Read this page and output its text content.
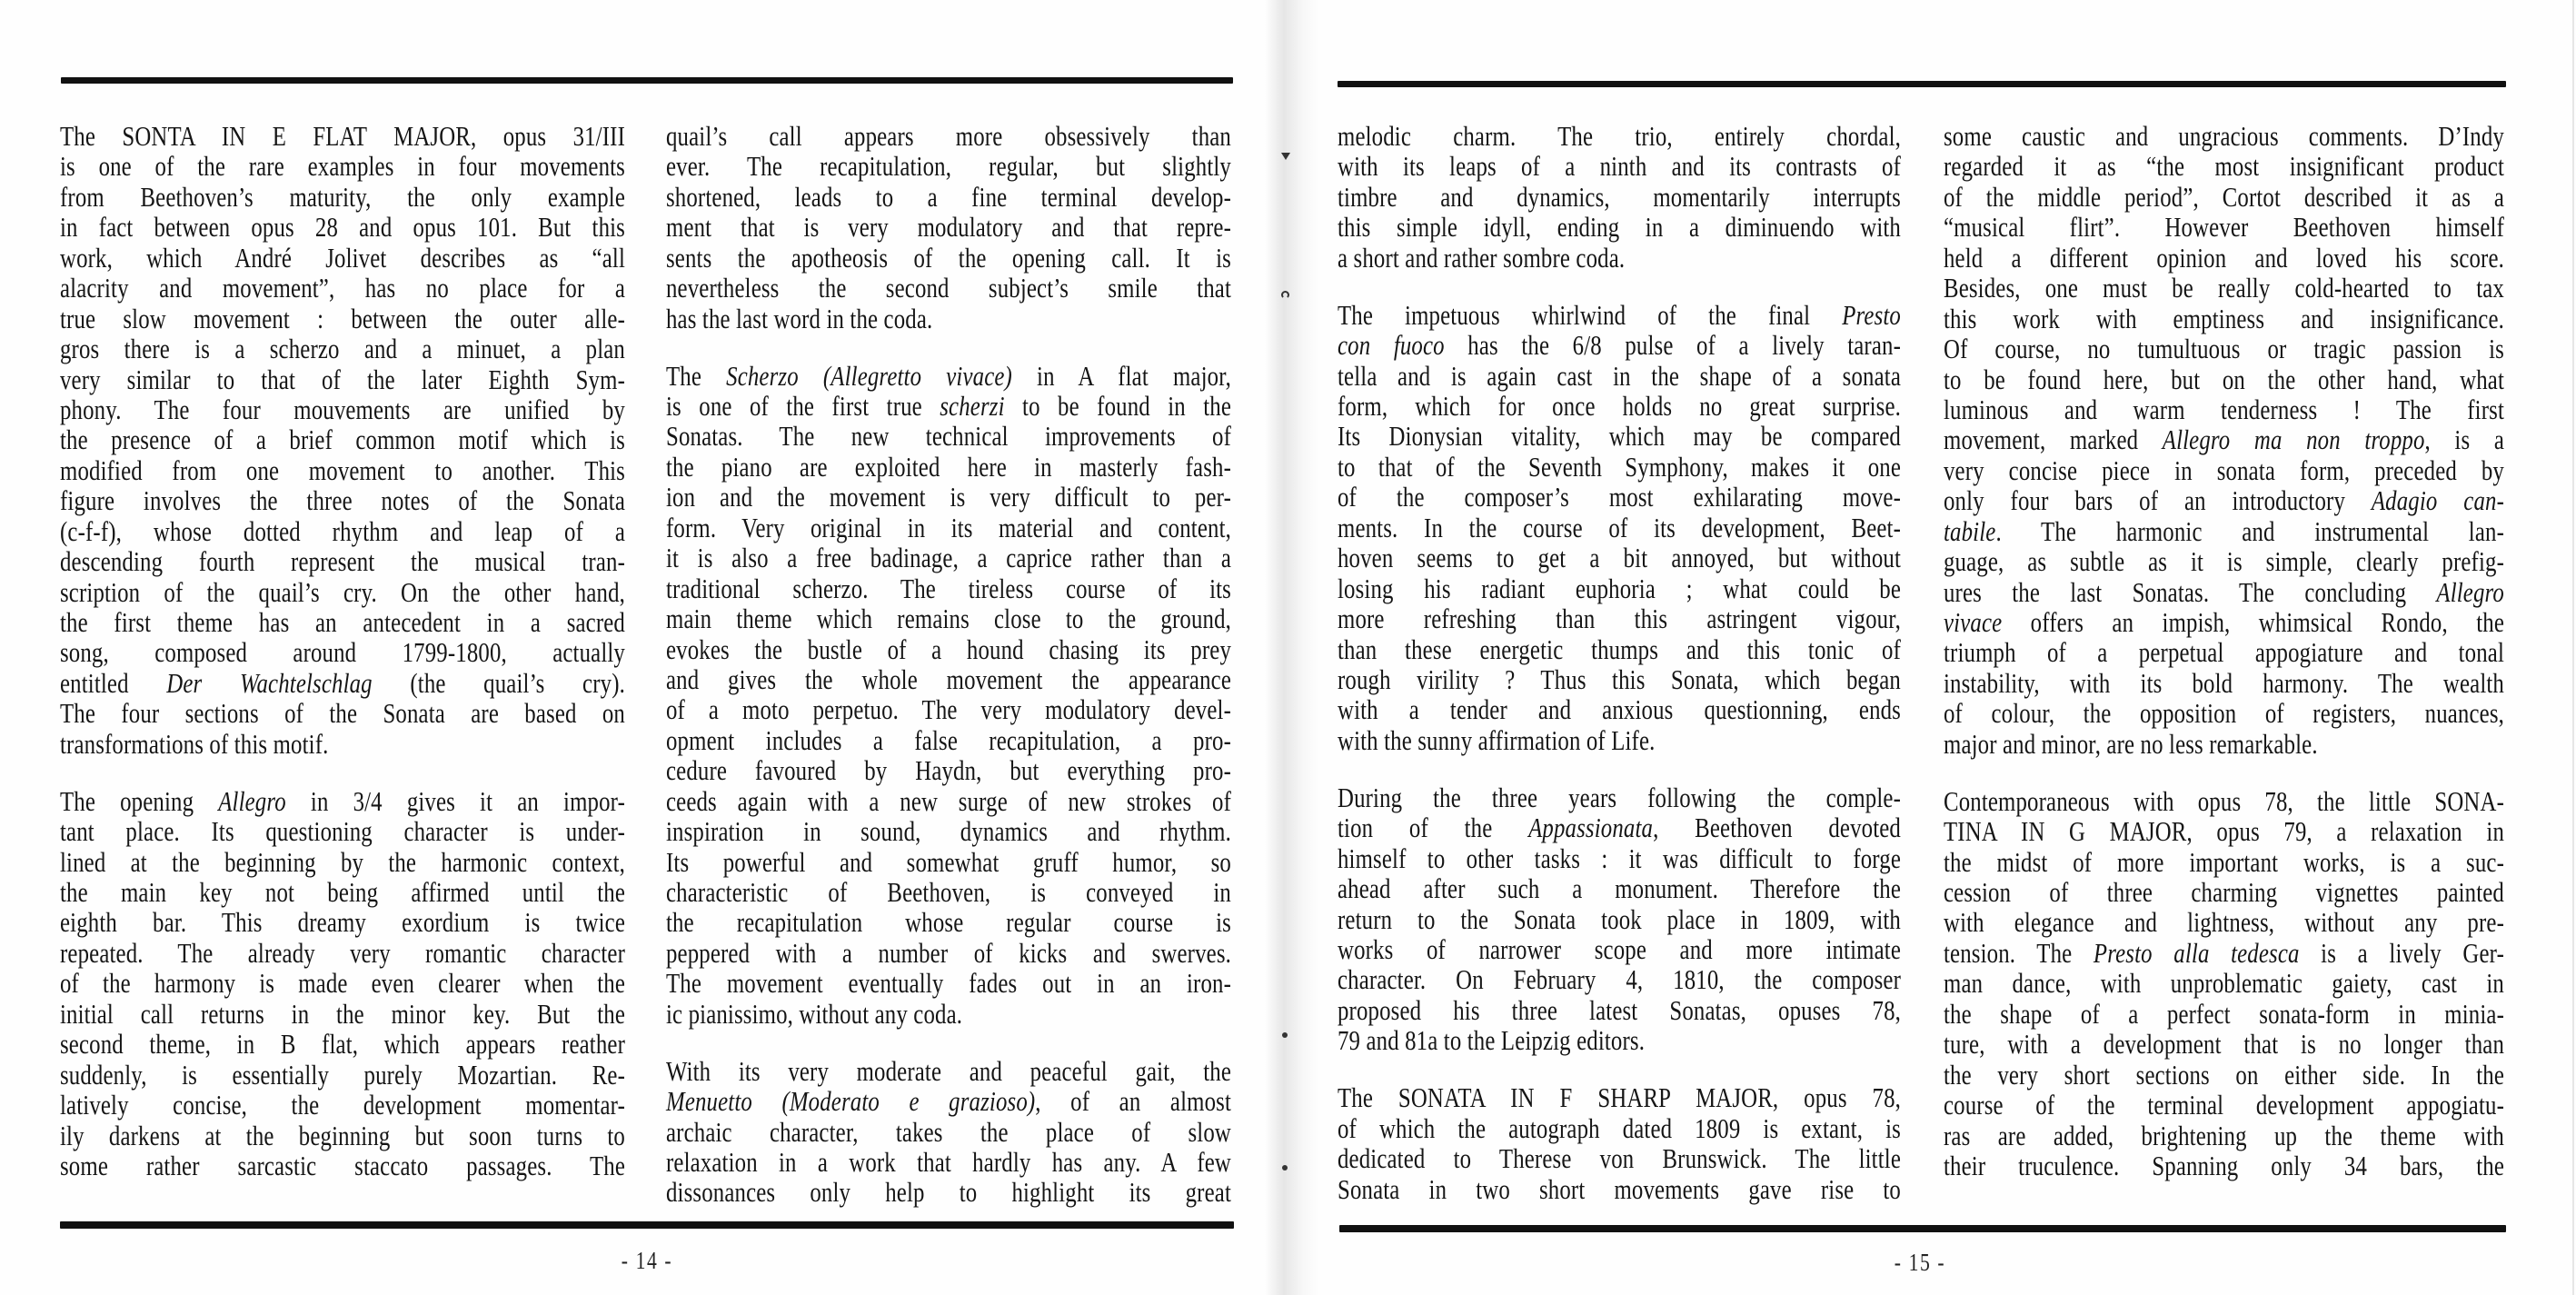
The SONTA IN E FLAT MAJOR, opus 31/III
is one of the rare examples in four movements
from Beethoven’s maturity, the only example
in fact between opus 28 and opus 101. But this
work, which André Jolivet describes as “all
alacrity and movement”, has no place for a
true slow movement : between the outer alle-
gros there is a scherzo and a minuet, a plan
very similar to that of the later Eighth Sym-
phony. The four mouvements are unified by
the presence of a brief common motif which is
modified from one movement to another. This
figure involves the three notes of the Sonata
(c-f-f), whose dotted rhythm and leap of a
descending fourth represent the musical tran-
scription of the quail’s cry. On the other hand,
the first theme has an antecedent in a sacred
song, composed around 1799-1800, actually
entitled Der Wachtelschlag (the quail’s cry).
The four sections of the Sonata are based on
transformations of this motif.
The opening Allegro in 3/4 gives it an impor-
tant place. Its questioning character is under-
lined at the beginning by the harmonic context,
the main key not being affirmed until the
eighth bar. This dreamy exordium is twice
repeated. The already very romantic character
of the harmony is made even clearer when the
initial call returns in the minor key. But the
second theme, in B flat, which appears reather
suddenly, is essentially purely Mozartian. Re-
latively concise, the development momentar-
ily darkens at the beginning but soon turns to
some rather sarcastic staccato passages. The
quail’s call appears more obsessively than
ever. The recapitulation, regular, but slightly
shortened, leads to a fine terminal develop-
ment that is very modulatory and that repre-
sents the apotheosis of the opening call. It is
nevertheless the second subject’s smile that
has the last word in the coda.
The Scherzo (Allegretto vivace) in A flat major,
is one of the first true scherzi to be found in the
Sonatas. The new technical improvements of
the piano are exploited here in masterly fash-
ion and the movement is very difficult to per-
form. Very original in its material and content,
it is also a free badinage, a caprice rather than a
traditional scherzo. The tireless course of its
main theme which remains close to the ground,
evokes the bustle of a hound chasing its prey
and gives the whole movement the appearance
of a moto perpetuo. The very modulatory devel-
opment includes a false recapitulation, a pro-
cedure favoured by Haydn, but everything pro-
ceeds again with a new surge of new strokes of
inspiration in sound, dynamics and rhythm.
Its powerful and somewhat gruff humor, so
characteristic of Beethoven, is conveyed in
the recapitulation whose regular course is
peppered with a number of kicks and swerves.
The movement eventually fades out in an iron-
ic pianissimo, without any coda.
With its very moderate and peaceful gait, the
Menuetto (Moderato e grazioso), of an almost
archaic character, takes the place of slow
relaxation in a work that hardly has any. A few
dissonances only help to highlight its great
- 14 -
melodic charm. The trio, entirely chordal,
with its leaps of a ninth and its contrasts of
timbre and dynamics, momentarily interrupts
this simple idyll, ending in a diminuendo with
a short and rather sombre coda.
The impetuous whirlwind of the final Presto
con fuoco has the 6/8 pulse of a lively taran-
tella and is again cast in the shape of a sonata
form, which for once holds no great surprise.
Its Dionysian vitality, which may be compared
to that of the Seventh Symphony, makes it one
of the composer’s most exhilarating move-
ments. In the course of its development, Beet-
hoven seems to get a bit annoyed, but without
losing his radiant euphoria ; what could be
more refreshing than this astringent vigour,
than these energetic thumps and this tonic of
rough virility ? Thus this Sonata, which began
with a tender and anxious questionning, ends
with the sunny affirmation of Life.
During the three years following the comple-
tion of the Appassionata, Beethoven devoted
himself to other tasks : it was difficult to forge
ahead after such a monument. Therefore the
return to the Sonata took place in 1809, with
works of narrower scope and more intimate
character. On February 4, 1810, the composer
proposed his three latest Sonatas, opuses 78,
79 and 81a to the Leipzig editors.
The SONATA IN F SHARP MAJOR, opus 78,
of which the autograph dated 1809 is extant, is
dedicated to Therese von Brunswick. The little
Sonata in two short movements gave rise to
some caustic and ungracious comments. D’Indy
regarded it as “the most insignificant product
of the middle period”, Cortot described it as a
“musical flirt”. However Beethoven himself
held a different opinion and loved his score.
Besides, one must be really cold-hearted to tax
this work with emptiness and insignificance.
Of course, no tumultuous or tragic passion is
to be found here, but on the other hand, what
luminous and warm tenderness ! The first
movement, marked Allegro ma non troppo, is a
very concise piece in sonata form, preceded by
only four bars of an introductory Adagio can-
tabile. The harmonic and instrumental lan-
guage, as subtle as it is simple, clearly prefig-
ures the last Sonatas. The concluding Allegro
vivace offers an impish, whimsical Rondo, the
triumph of a perpetual appogiature and tonal
instability, with its bold harmony. The wealth
of colour, the opposition of registers, nuances,
major and minor, are no less remarkable.
Contemporaneous with opus 78, the little SONA-
TINA IN G MAJOR, opus 79, a relaxation in
the midst of more important works, is a suc-
cession of three charming vignettes painted
with elegance and lightness, without any pre-
tension. The Presto alla tedesca is a lively Ger-
man dance, with unproblematic gaiety, cast in
the shape of a perfect sonata-form in minia-
ture, with a development that is no longer than
the very short sections on either side. In the
course of the terminal development appogiatu-
ras are added, brightening up the theme with
their truculence. Spanning only 34 bars, the
- 15 -
